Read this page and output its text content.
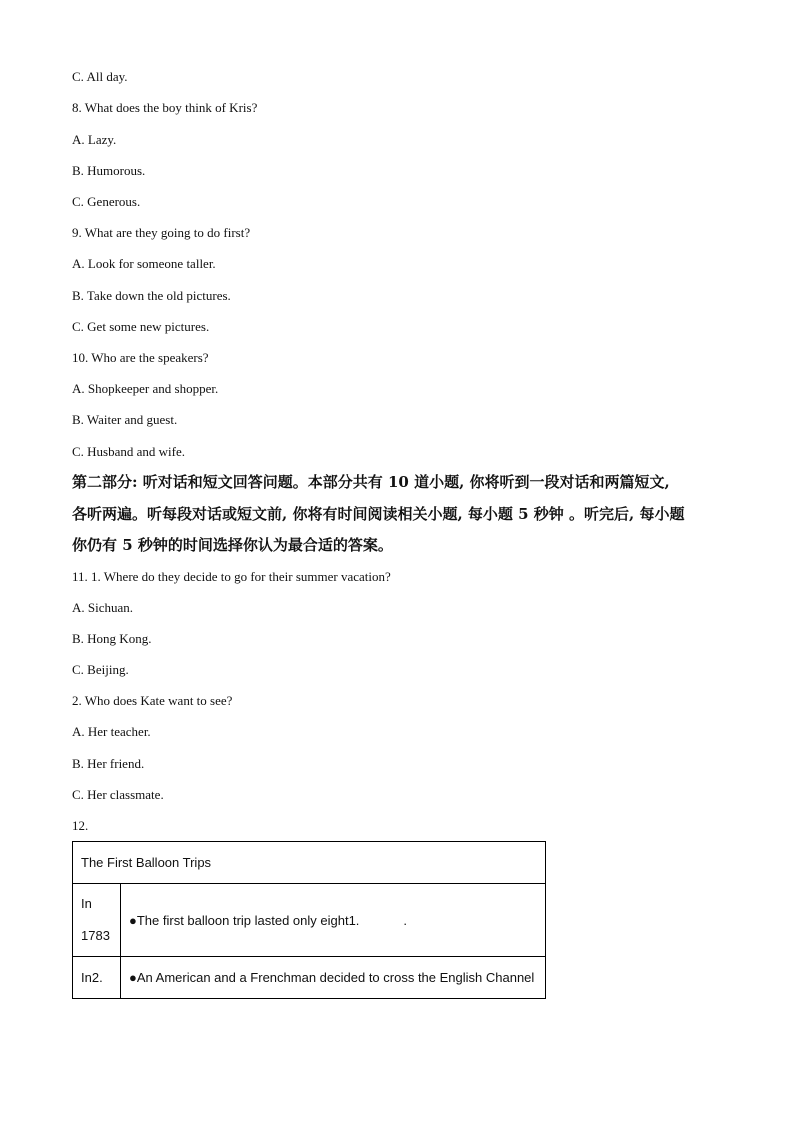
C. All day.
8. What does the boy think of Kris?
A. Lazy.
B. Humorous.
C. Generous.
9. What are they going to do first?
A. Look for someone taller.
B. Take down the old pictures.
C. Get some new pictures.
10. Who are the speakers?
A. Shopkeeper and shopper.
B. Waiter and guest.
C. Husband and wife.
第二部分: 听对话和短文回答问题。本部分共有 10 道小题, 你将听到一段对话和两篇短文,
各听两遍。听每段对话或短文前, 你将有时间阅读相关小题, 每小题 5 秒钟 。听完后, 每小题
你仍有 5 秒钟的时间选择你认为最合适的答案。
11. 1. Where do they decide to go for their summer vacation?
A. Sichuan.
B. Hong Kong.
C. Beijing.
2. Who does Kate want to see?
A. Her teacher.
B. Her friend.
C. Her classmate.
12.
The First Balloon Trips	
In
1783	●The first balloon trip lasted only eight1. .
In2.	●An American and a Frenchman decided to cross the English Channel
